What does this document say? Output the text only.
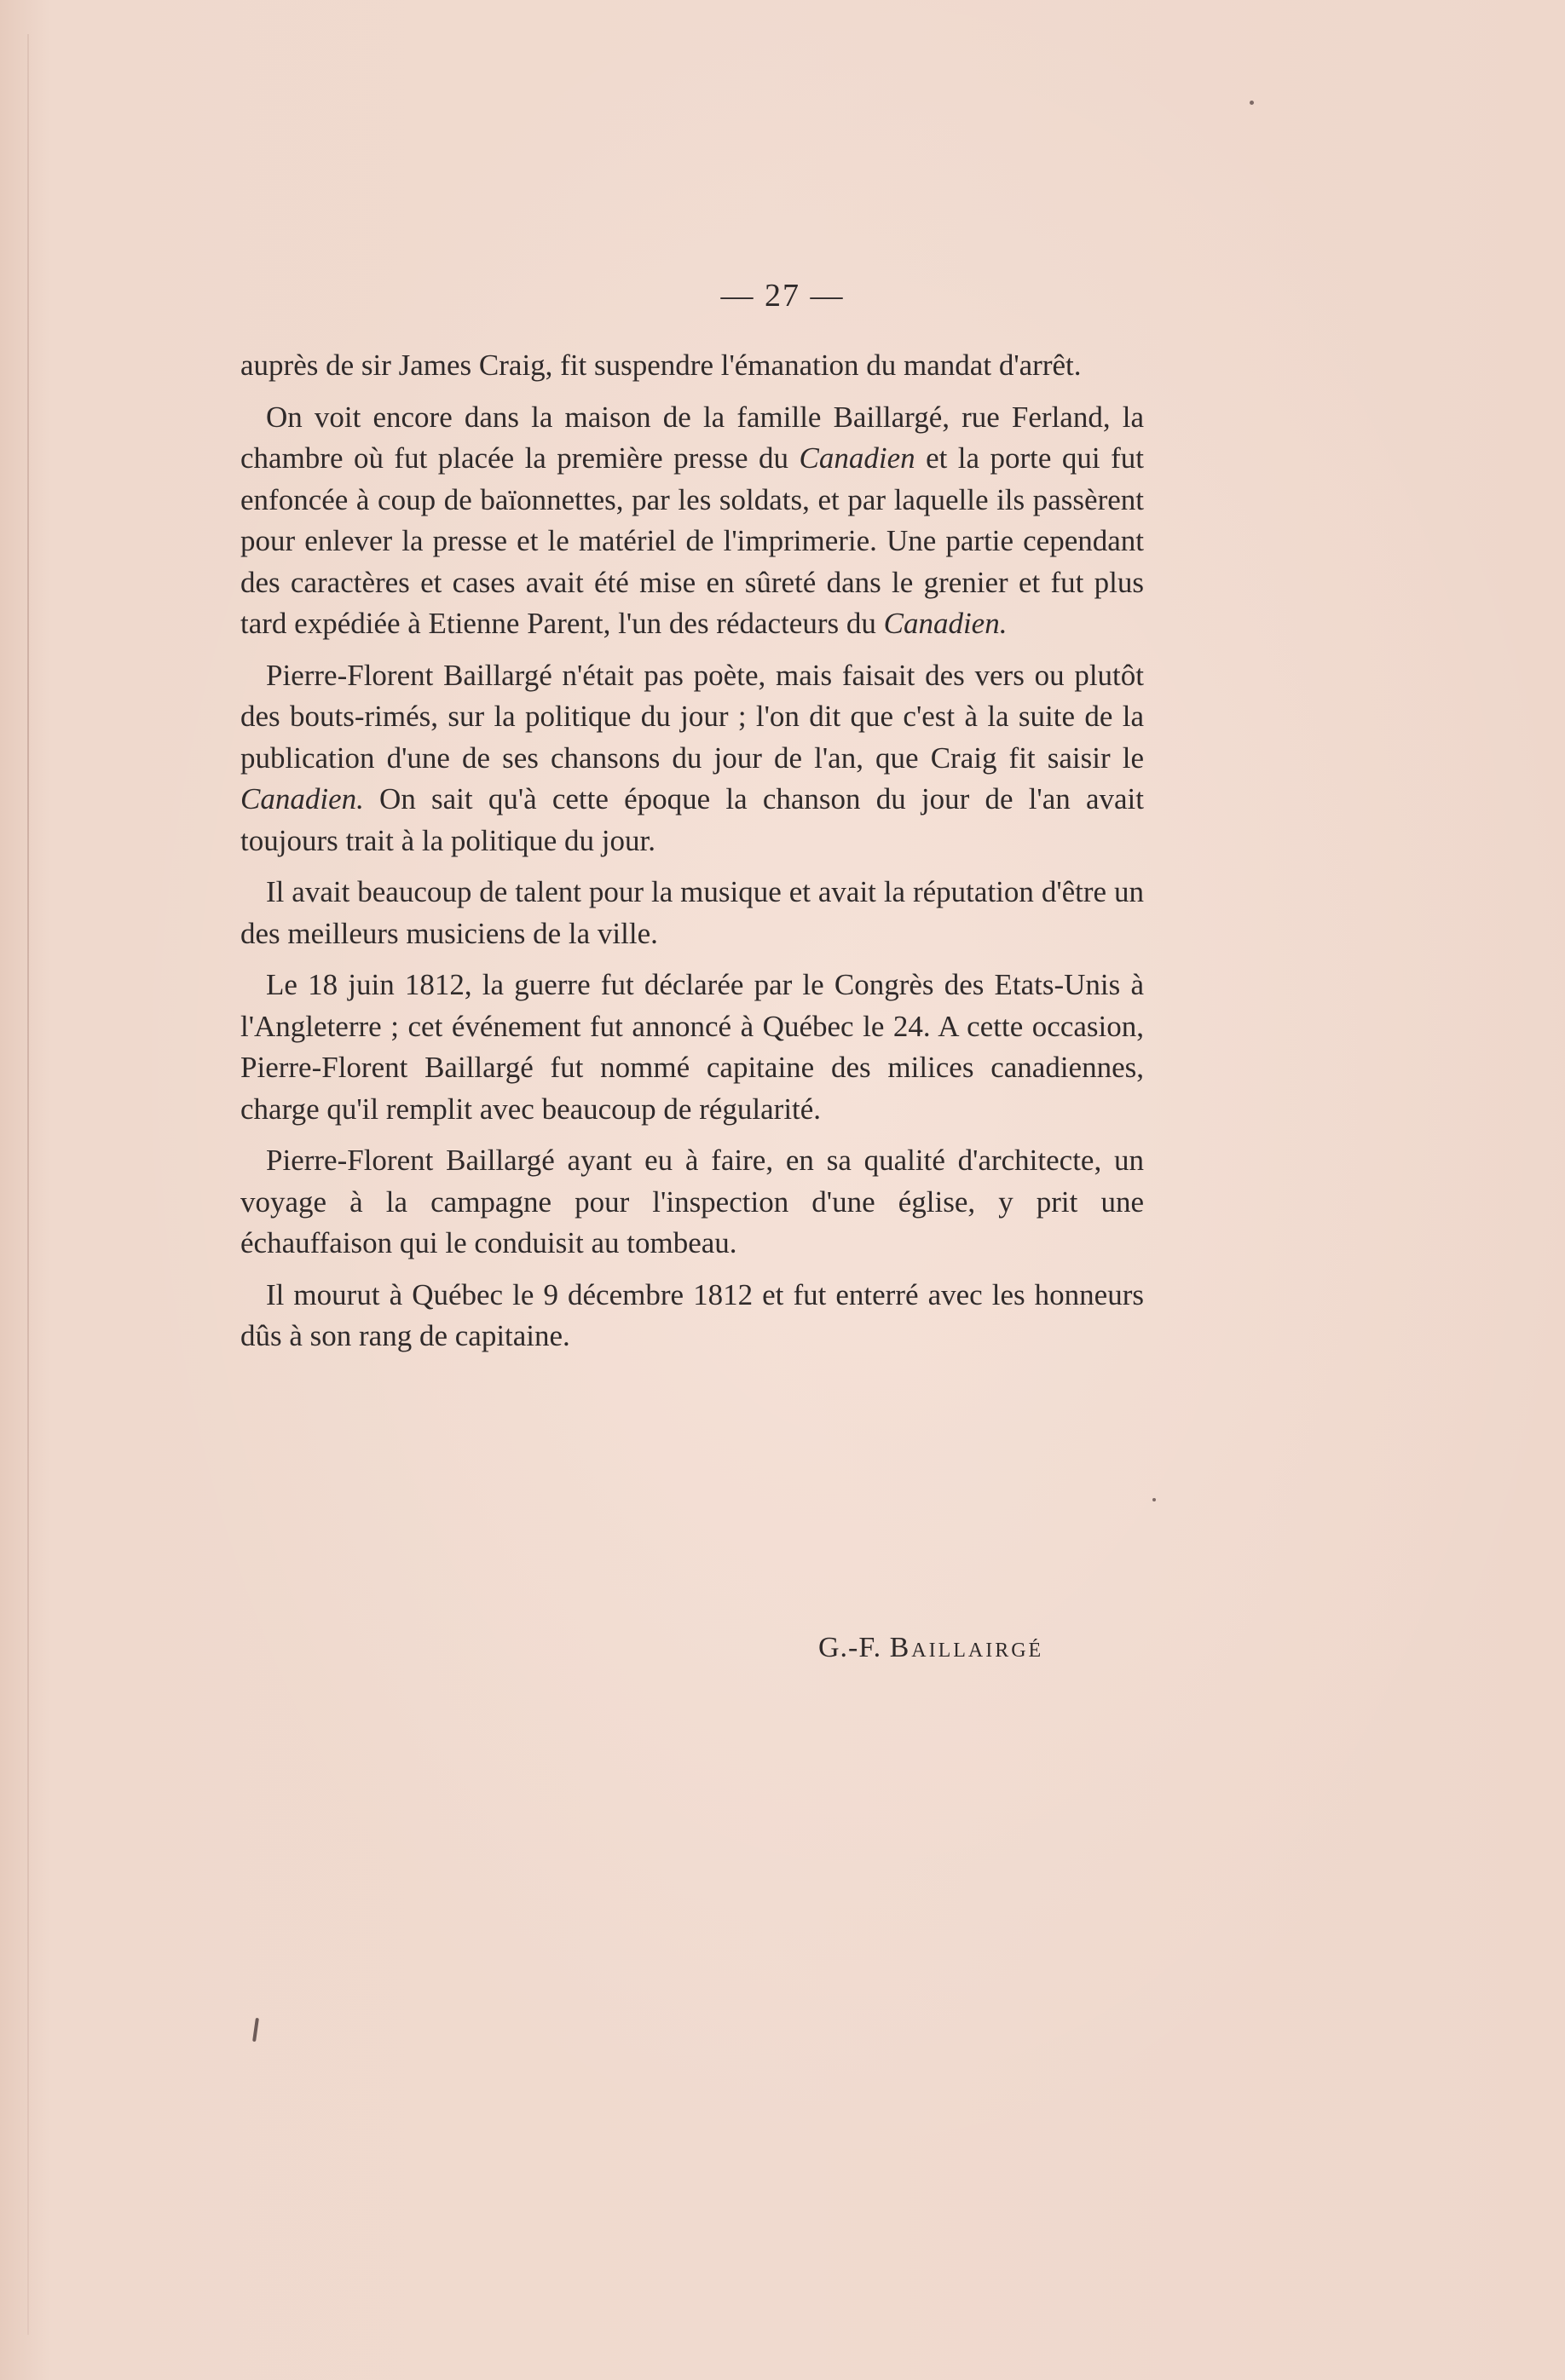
— 27 —

auprès de sir James Craig, fit suspendre l'émanation du mandat d'arrêt.

On voit encore dans la maison de la famille Baillargé, rue Ferland, la chambre où fut placée la première presse du Canadien et la porte qui fut enfoncée à coup de baïonnettes, par les soldats, et par laquelle ils passèrent pour enlever la presse et le matériel de l'imprimerie. Une partie cependant des caractères et cases avait été mise en sûreté dans le grenier et fut plus tard expédiée à Etienne Parent, l'un des rédacteurs du Canadien.

Pierre-Florent Baillargé n'était pas poète, mais faisait des vers ou plutôt des bouts-rimés, sur la politique du jour ; l'on dit que c'est à la suite de la publication d'une de ses chansons du jour de l'an, que Craig fit saisir le Canadien. On sait qu'à cette époque la chanson du jour de l'an avait toujours trait à la politique du jour.

Il avait beaucoup de talent pour la musique et avait la réputation d'être un des meilleurs musiciens de la ville.

Le 18 juin 1812, la guerre fut déclarée par le Congrès des Etats-Unis à l'Angleterre ; cet événement fut annoncé à Québec le 24. A cette occasion, Pierre-Florent Baillargé fut nommé capitaine des milices canadiennes, charge qu'il remplit avec beaucoup de régularité.

Pierre-Florent Baillargé ayant eu à faire, en sa qualité d'architecte, un voyage à la campagne pour l'inspection d'une église, y prit une échauffaison qui le conduisit au tombeau.

Il mourut à Québec le 9 décembre 1812 et fut enterré avec les honneurs dûs à son rang de capitaine.

G.-F. Baillairgé
